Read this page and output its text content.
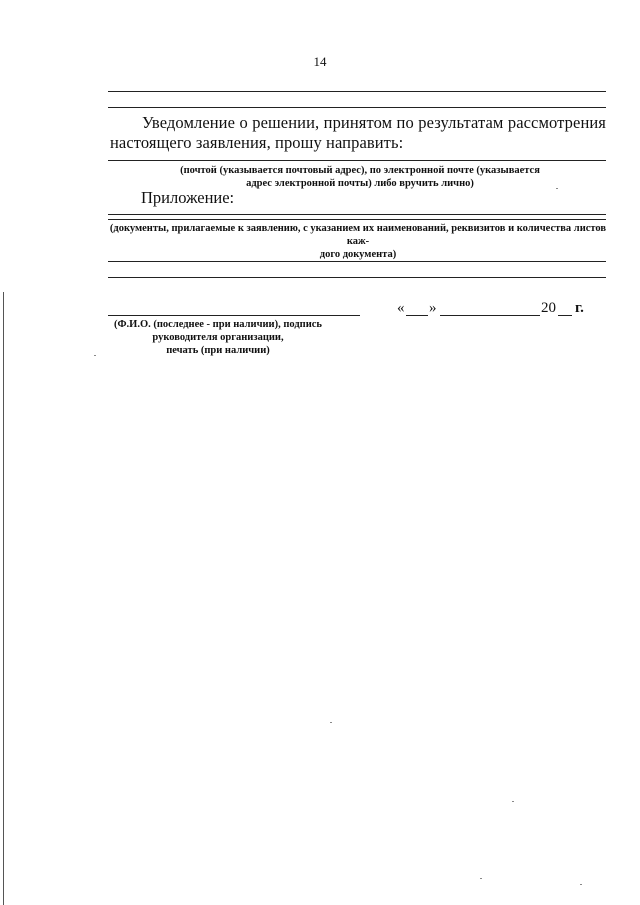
14
Уведомление о решении, принятом по результатам рассмотрения настоящего заявления, прошу направить:
(почтой (указывается почтовый адрес), по электронной почте (указывается
адрес электронной почты) либо вручить лично)
Приложение:
(документы, прилагаемые к заявлению, с указанием их наименований, реквизитов и количества листов каж-
дого документа)
« »	20 г.
(Ф.И.О. (последнее - при наличии), подпись
руководителя организации,
печать (при наличии)
